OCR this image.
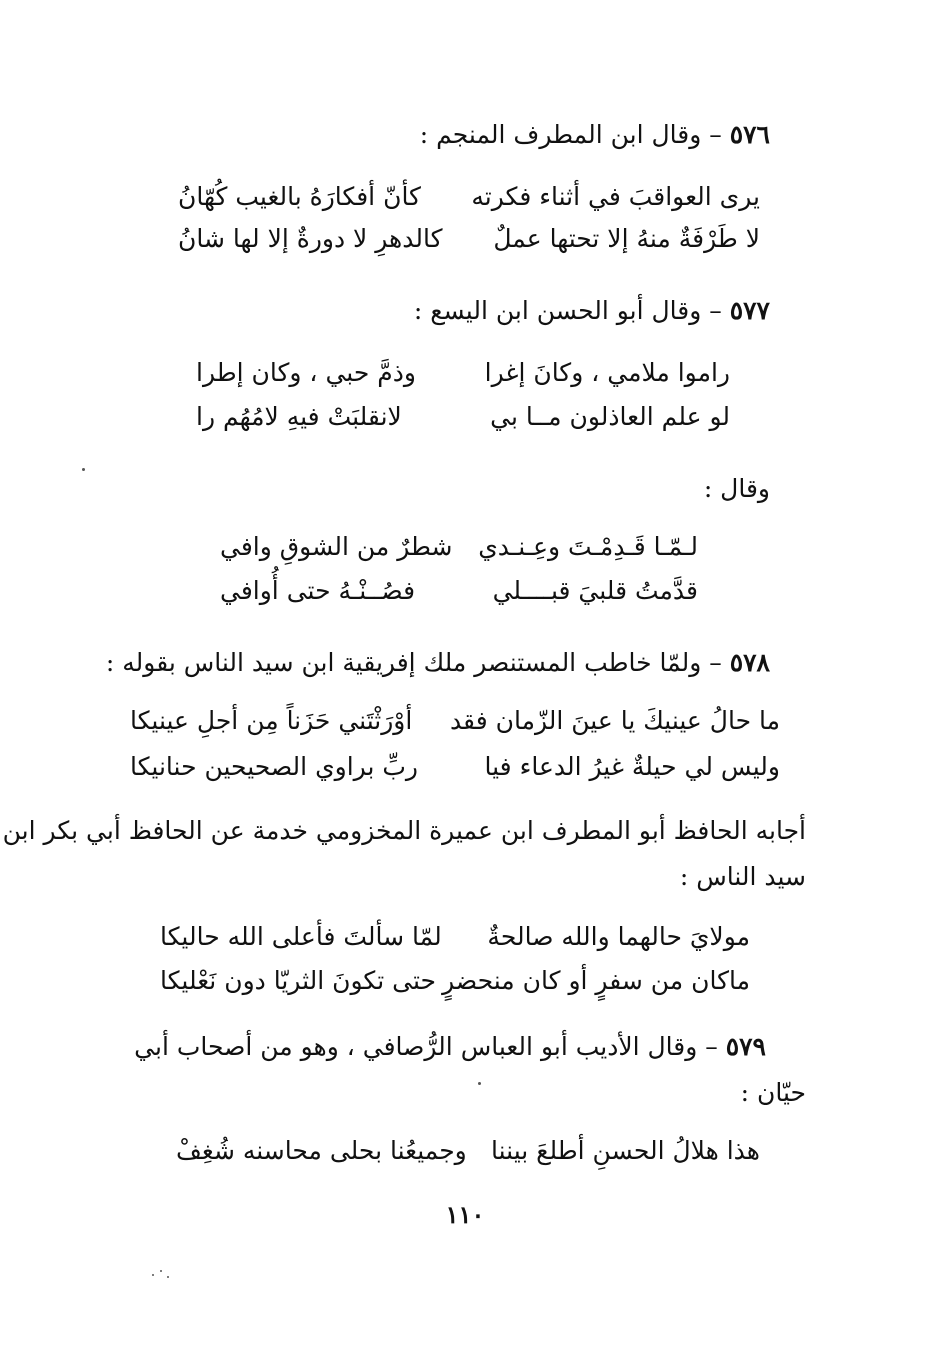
٥٧٦ – وقال ابن المطرف المنجم :
يرى العواقبَ في أثناء فكرته
كأنّ أفكارَهُ بالغيب كُهّانُ
لا طَرْفَةٌ منهُ إلا تحتها عملٌ
كالدهرِ لا دورةٌ إلا لها شانُ
٥٧٧ – وقال أبو الحسن ابن اليسع :
راموا ملامي ، وكانَ إغرا
وذمَّ حبي ، وكان إطرا
لو علم العاذلون مــا بي
لانقلبَتْ فيهِ لامُهُم را
وقال :
لـمّـا قَـدِمْـتَ وعِـنـدي
شطرٌ من الشوقِ وافي
قدَّمتُ قلبيَ قبــــلي
فصُــنْـهُ حتى أُوافي
٥٧٨ – ولمّا خاطب المستنصر ملك إفريقية ابن سيد الناس بقوله :
ما حالُ عينيكَ يا عينَ الزّمان فقد
أوْرَثْتَني حَزَناً مِن أجلِ عينيكا
وليس لي حيلةٌ غيرُ الدعاء فيا
ربِّ براوي الصحيحين حنانيكا
أجابه الحافظ أبو المطرف ابن عميرة المخزومي خدمة عن الحافظ أبي بكر ابن
سيد الناس :
مولايَ حالهما والله صالحةٌ
لمّا سألتَ فأعلى الله حاليكا
ماكان من سفرٍ أو كان منحضرٍ
حتى تكونَ الثريّا دون نَعْليكا
٥٧٩ – وقال الأديب أبو العباس الرُّصافي ، وهو من أصحاب أبي
حيّان :
هذا هلالُ الحسنِ أطلعَ بيننا
وجميعُنا بحلى محاسنه شُغِفْ
١١٠
